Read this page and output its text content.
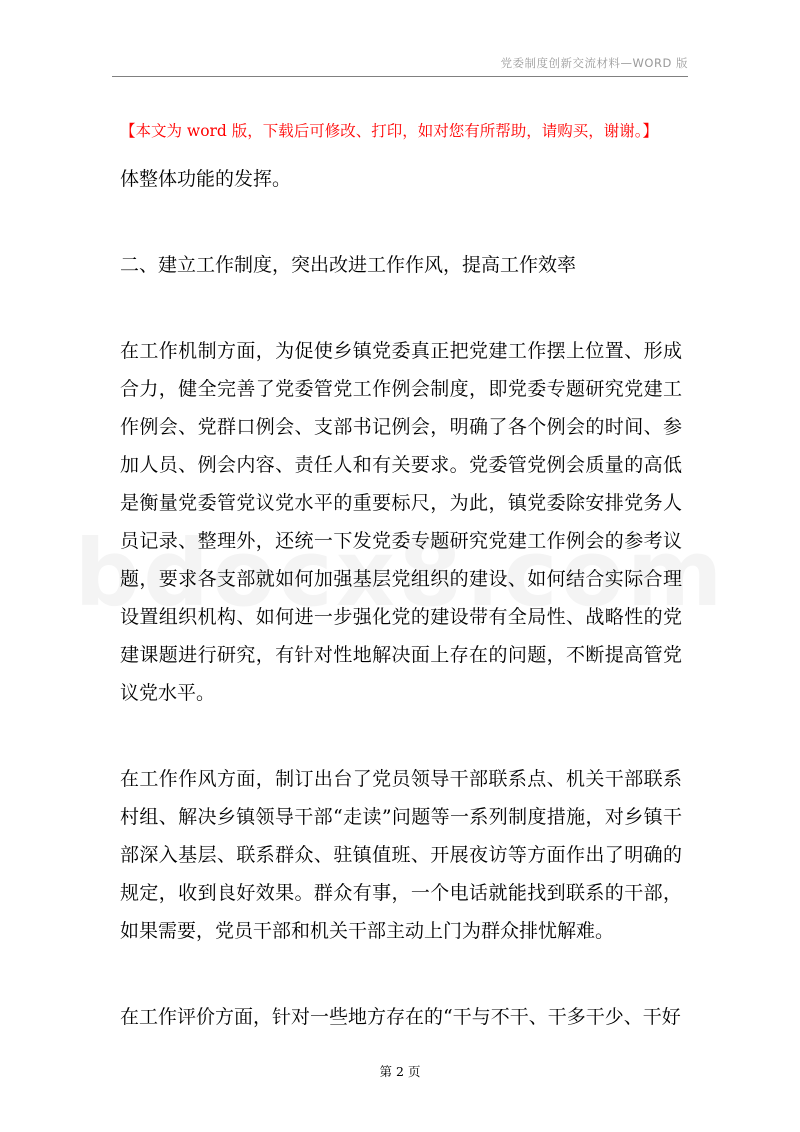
党委制度创新交流材料—WORD 版
【本文为 word 版，下载后可修改、打印，如对您有所帮助，请购买，谢谢。】

体整体功能的发挥。

二、建立工作制度，突出改进工作作风，提高工作效率

在工作机制方面，为促使乡镇党委真正把党建工作摆上位置、形成合力，健全完善了党委管党工作例会制度，即党委专题研究党建工作例会、党群口例会、支部书记例会，明确了各个例会的时间、参加人员、例会内容、责任人和有关要求。党委管党例会质量的高低是衡量党委管党议党水平的重要标尺，为此，镇党委除安排党务人员记录、整理外，还统一下发党委专题研究党建工作例会的参考议题，要求各支部就如何加强基层党组织的建设、如何结合实际合理设置组织机构、如何进一步强化党的建设带有全局性、战略性的党建课题进行研究，有针对性地解决面上存在的问题，不断提高管党议党水平。

在工作作风方面，制订出台了党员领导干部联系点、机关干部联系村组、解决乡镇领导干部“走读”问题等一系列制度措施，对乡镇干部深入基层、联系群众、驻镇值班、开展夜访等方面作出了明确的规定，收到良好效果。群众有事，一个电话就能找到联系的干部，如果需要，党员干部和机关干部主动上门为群众排忧解难。

在工作评价方面，针对一些地方存在的“干与不干、干多干少、干好

第 2 页
